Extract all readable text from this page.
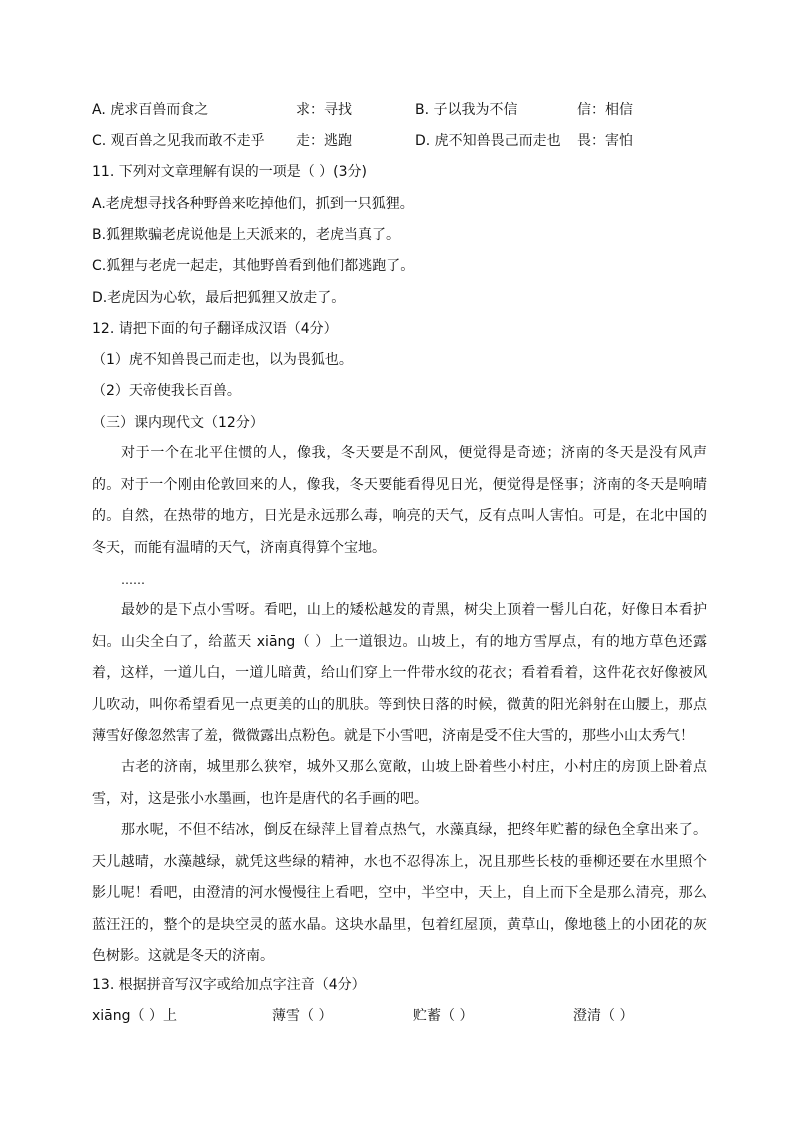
A. 虎求百兽而食之	求：寻找	B. 子以我为不信	信：相信
C. 观百兽之见我而敢不走乎 走：逃跑	D. 虎不知兽畏己而走也 畏：害怕
11. 下列对文章理解有误的一项是（ ）(3分)
A.老虎想寻找各种野兽来吃掉他们，抓到一只狐狸。
B.狐狸欺骗老虎说他是上天派来的，老虎当真了。
C.狐狸与老虎一起走，其他野兽看到他们都逃跑了。
D.老虎因为心软，最后把狐狸又放走了。
12. 请把下面的句子翻译成汉语（4分）
（1）虎不知兽畏己而走也，以为畏狐也。
（2）天帝使我长百兽。
（三）课内现代文（12分）

对于一个在北平住惯的人，像我，冬天要是不刮风，便觉得是奇迹；济南的冬天是没有风声的。对于一个刚由伦敦回来的人，像我，冬天要能看得见日光，便觉得是怪事；济南的冬天是响晴的。自然，在热带的地方，日光是永远那么毒，响亮的天气，反有点叫人害怕。可是，在北中国的冬天，而能有温晴的天气，济南真得算个宝地。

……

最妙的是下点小雪呀。看吧，山上的矮松越发的青黑，树尖上顶着一髻儿白花，好像日本看护妇。山尖全白了，给蓝天 xiāng（ ）上一道银边。山坡上，有的地方雪厚点，有的地方草色还露着，这样，一道儿白，一道儿暗黄，给山们穿上一件带水纹的花衣；看着看着，这件花衣好像被风儿吹动，叫你希望看见一点更美的山的肌肤。等到快日落的时候，微黄的阳光斜射在山腰上，那点薄雪好像忽然害了羞，微微露出点粉色。就是下小雪吧，济南是受不住大雪的，那些小山太秀气！

古老的济南，城里那么狭窄，城外又那么宽敞，山坡上卧着些小村庄，小村庄的房顶上卧着点雪，对，这是张小水墨画，也许是唐代的名手画的吧。

那水呢，不但不结冰，倒反在绿萍上冒着点热气，水藻真绿，把终年贮蓄的绿色全拿出来了。天儿越晴，水藻越绿，就凭这些绿的精神，水也不忍得冻上，况且那些长枝的垂柳还要在水里照个影儿呢！看吧，由澄清的河水慢慢往上看吧，空中，半空中，天上，自上而下全是那么清亮，那么蓝汪汪的，整个的是块空灵的蓝水晶。这块水晶里，包着红屋顶，黄草山，像地毯上的小团花的灰色树影。这就是冬天的济南。

13. 根据拼音写汉字或给加点字注音（4分）
xiāng（ ）上	薄雪（ ）	贮蓄（ ）	澄清（ ）
